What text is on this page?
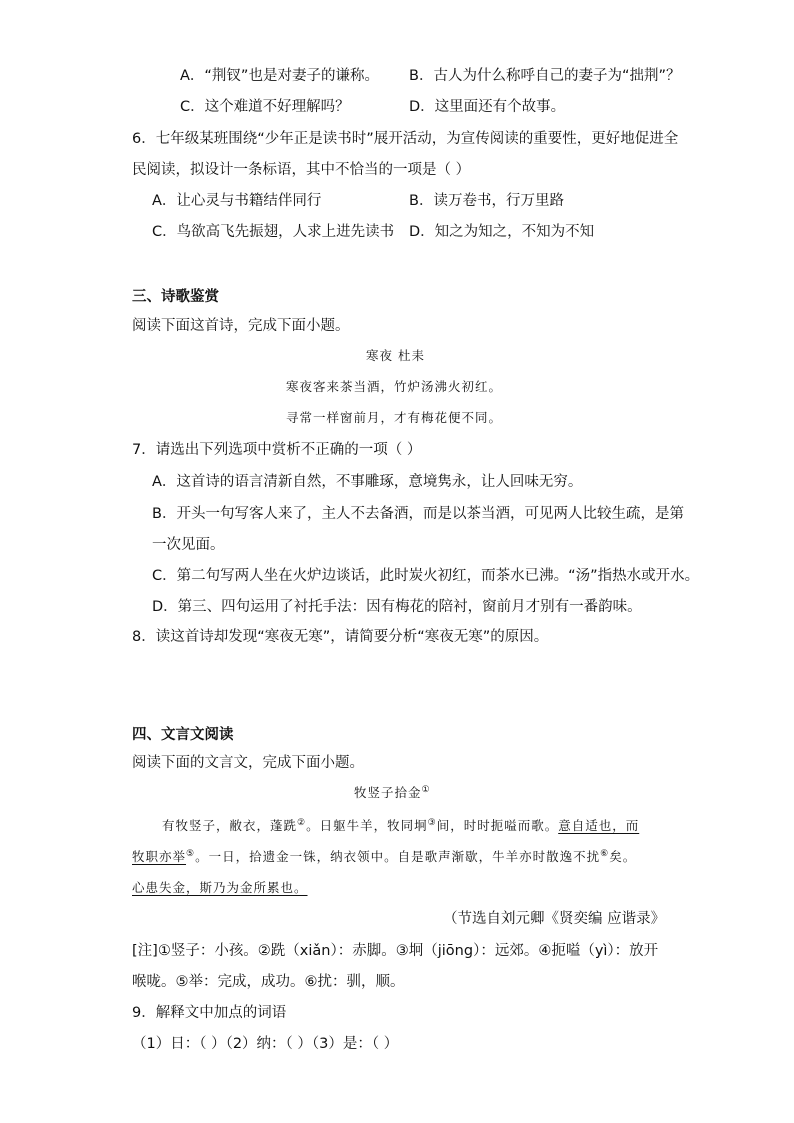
A．“荆钗”也是对妻子的谦称。 B．古人为什么称呼自己的妻子为“拙荆”？
C．这个难道不好理解吗？	D．这里面还有个故事。
6．七年级某班围绕“少年正是读书时”展开活动，为宣传阅读的重要性，更好地促进全
民阅读，拟设计一条标语，其中不恰当的一项是（ ）
A．让心灵与书籍结伴同行	B．读万卷书，行万里路
C．鸟欲高飞先振翅，人求上进先读书 D．知之为知之，不知为不知
三、诗歌鉴赏
阅读下面这首诗，完成下面小题。
寒夜 杜耒
寒夜客来茶当酒，竹炉汤沸火初红。
寻常一样窗前月，才有梅花便不同。
7．请选出下列选项中赏析不正确的一项（ ）
A．这首诗的语言清新自然，不事雕琢，意境隽永，让人回味无穷。
B．开头一句写客人来了，主人不去备酒，而是以茶当酒，可见两人比较生疏，是第
一次见面。
C．第二句写两人坐在火炉边谈话，此时炭火初红，而茶水已沸。“汤”指热水或开水。
D．第三、四句运用了衬托手法：因有梅花的陪衬，窗前月才别有一番韵味。
8．读这首诗却发现“寒夜无寒”，请简要分析“寒夜无寒”的原因。
四、文言文阅读
阅读下面的文言文，完成下面小题。
牧竖子拾金①
有牧竖子，敝衣，蓬跣②。日躯牛羊，牧同坰③间，时时扼嗌而歌。意自适也，而
牧职亦举⑤。一日，拾遗金一铢，纳衣领中。自是歌声渐歇，牛羊亦时散逸不扰⑥矣。
心患失金，斯乃为金所累也。
（节选自刘元卿《贤奕编 应谐录》
[注]①竖子：小孩。②跣（xiǎn）：赤脚。③坰（jiōng）：远郊。④扼嗌（yì）：放开
喉咙。⑤举：完成，成功。⑥扰：驯，顺。
9．解释文中加点的词语
（1）日：（ ）（2）纳：（ ）（3）是：（ ）
